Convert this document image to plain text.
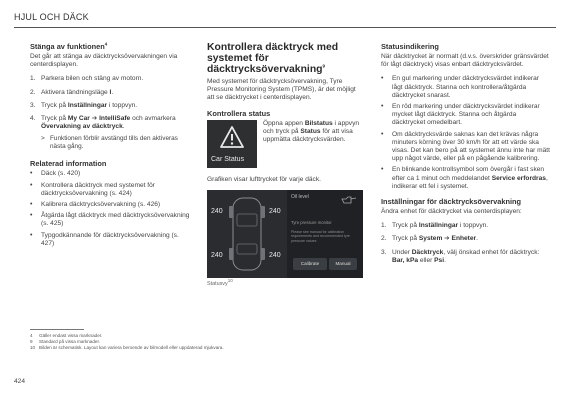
HJUL OCH DÄCK
Stänga av funktionen$^4$
Det går att stänga av däcktrycksövervakningen via centerdisplayen.
1. Parkera bilen och stäng av motorn.
2. Aktivera tändningsläge I.
3. Tryck på Inställningar i toppvyn.
4. Tryck på My Car ➔ IntelliSafe och avmarkera Övervakning av däcktryck.
> Funktionen förblir avstängd tills den aktiveras nästa gång.
Relaterad information
•	Däck (s. 420)
•	Kontrollera däcktryck med systemet för däcktrycksövervakning (s. 424)
•	Kalibrera däcktrycksövervakning (s. 426)
•	Åtgärda lågt däcktryck med däcktrycksövervakning (s. 425)
•	Typgodkännande för däcktrycksövervakning (s. 427)
Kontrollera däcktryck med systemet för däcktrycksövervakning$^9$
Med systemet för däcktrycksövervakning, Tyre Pressure Monitoring System (TPMS), är det möjligt att se däcktrycket i centerdisplayen.
Kontrollera status
Car Status
Öppna appen Bilstatus i appvyn och tryck på Status för att visa uppmätta däcktrycksvärden.
Grafiken visar lufttrycket för varje däck.
240	240
240	240
Oil level
Tyre pressure monitor
Please see manual for calibration requirements and recommended tyre pressure values
Calibrate	Manual
Statusvy$^{10}$
Statusindikering
När däcktrycket är normalt (d.v.s. överskrider gränsvärdet för lågt däcktryck) visas enbart däcktrycksvärdet.
•	En gul markering under däcktrycksvärdet indikerar lågt däcktryck. Stanna och kontrollera/åtgärda däcktrycket snarast.
•	En röd markering under däcktrycksvärdet indikerar mycket lågt däcktryck. Stanna och åtgärda däcktrycket omedelbart.
•	Om däcktrycksvärde saknas kan det krävas några minuters körning över 30 km/h för att ett värde ska visas. Det kan bero på att systemet ännu inte har mätt upp något värde, eller på en pågående kalibrering.
•	En blinkande kontrollsymbol som övergår i fast sken efter ca 1 minut och meddelandet Service erfordras, indikerar ett fel i systemet.
Inställningar för däcktrycksövervakning
Ändra enhet för däcktrycket via centerdisplayen:
1. Tryck på Inställningar i toppvyn.
2. Tryck på System ➔ Enheter.
3. Under Däcktryck, välj önskad enhet för däcktryck: Bar, kPa eller Psi.
4 Gäller endast vissa marknader.
9 Standard på vissa marknader.
10 Bilden är schematisk. Layout kan variera beroende av bilmodell eller uppdaterad mjukvara.
424
